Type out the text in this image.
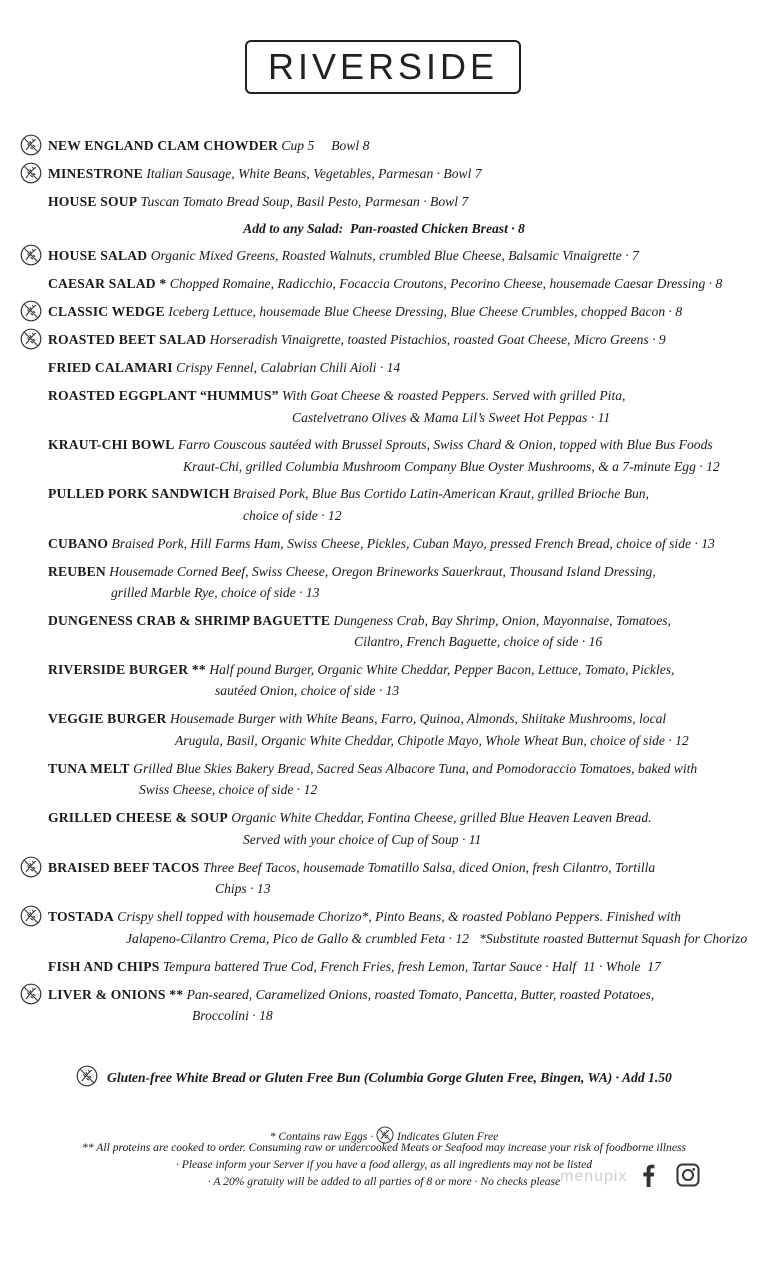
RIVERSIDE
NEW ENGLAND CLAM CHOWDER Cup 5     Bowl 8
MINESTRONE Italian Sausage, White Beans, Vegetables, Parmesan · Bowl 7
HOUSE SOUP Tuscan Tomato Bread Soup, Basil Pesto, Parmesan · Bowl 7
Add to any Salad:  Pan-roasted Chicken Breast · 8
HOUSE SALAD Organic Mixed Greens, Roasted Walnuts, crumbled Blue Cheese, Balsamic Vinaigrette · 7
CAESAR SALAD * Chopped Romaine, Radicchio, Focaccia Croutons, Pecorino Cheese, housemade Caesar Dressing · 8
CLASSIC WEDGE Iceberg Lettuce, housemade Blue Cheese Dressing, Blue Cheese Crumbles, chopped Bacon · 8
ROASTED BEET SALAD Horseradish Vinaigrette, toasted Pistachios, roasted Goat Cheese, Micro Greens · 9
FRIED CALAMARI Crispy Fennel, Calabrian Chili Aioli · 14
ROASTED EGGPLANT “HUMMUS” With Goat Cheese & roasted Peppers. Served with grilled Pita,
Castelvetrano Olives & Mama Lil’s Sweet Hot Peppas · 11
KRAUT-CHI BOWL Farro Couscous sautéed with Brussel Sprouts, Swiss Chard & Onion, topped with Blue Bus Foods
Kraut-Chi, grilled Columbia Mushroom Company Blue Oyster Mushrooms, & a 7-minute Egg · 12
PULLED PORK SANDWICH Braised Pork, Blue Bus Cortido Latin-American Kraut, grilled Brioche Bun,
choice of side · 12
CUBANO Braised Pork, Hill Farms Ham, Swiss Cheese, Pickles, Cuban Mayo, pressed French Bread, choice of side · 13
REUBEN Housemade Corned Beef, Swiss Cheese, Oregon Brineworks Sauerkraut, Thousand Island Dressing,
grilled Marble Rye, choice of side · 13
DUNGENESS CRAB & SHRIMP BAGUETTE Dungeness Crab, Bay Shrimp, Onion, Mayonnaise, Tomatoes,
Cilantro, French Baguette, choice of side · 16
RIVERSIDE BURGER ** Half pound Burger, Organic White Cheddar, Pepper Bacon, Lettuce, Tomato, Pickles,
sautéed Onion, choice of side · 13
VEGGIE BURGER Housemade Burger with White Beans, Farro, Quinoa, Almonds, Shiitake Mushrooms, local
Arugula, Basil, Organic White Cheddar, Chipotle Mayo, Whole Wheat Bun, choice of side · 12
TUNA MELT Grilled Blue Skies Bakery Bread, Sacred Seas Albacore Tuna, and Pomodoraccio Tomatoes, baked with
Swiss Cheese, choice of side · 12
GRILLED CHEESE & SOUP Organic White Cheddar, Fontina Cheese, grilled Blue Heaven Leaven Bread.
Served with your choice of Cup of Soup · 11
BRAISED BEEF TACOS Three Beef Tacos, housemade Tomatillo Salsa, diced Onion, fresh Cilantro, Tortilla
Chips · 13
TOSTADA Crispy shell topped with housemade Chorizo*, Pinto Beans, & roasted Poblano Peppers. Finished with
Jalapeno-Cilantro Crema, Pico de Gallo & crumbled Feta · 12   *Substitute roasted Butternut Squash for Chorizo
FISH AND CHIPS Tempura battered True Cod, French Fries, fresh Lemon, Tartar Sauce · Half  11 · Whole  17
LIVER & ONIONS ** Pan-seared, Caramelized Onions, roasted Tomato, Pancetta, Butter, roasted Potatoes,
Broccolini · 18
Gluten-free White Bread or Gluten Free Bun (Columbia Gorge Gluten Free, Bingen, WA) · Add 1.50
* Contains raw Eggs · Indicates Gluten Free
** All proteins are cooked to order. Consuming raw or undercooked Meats or Seafood may increase your risk of foodborne illness
· Please inform your Server if you have a food allergy, as all ingredients may not be listed
· A 20% gratuity will be added to all parties of 8 or more · No checks please menupix
